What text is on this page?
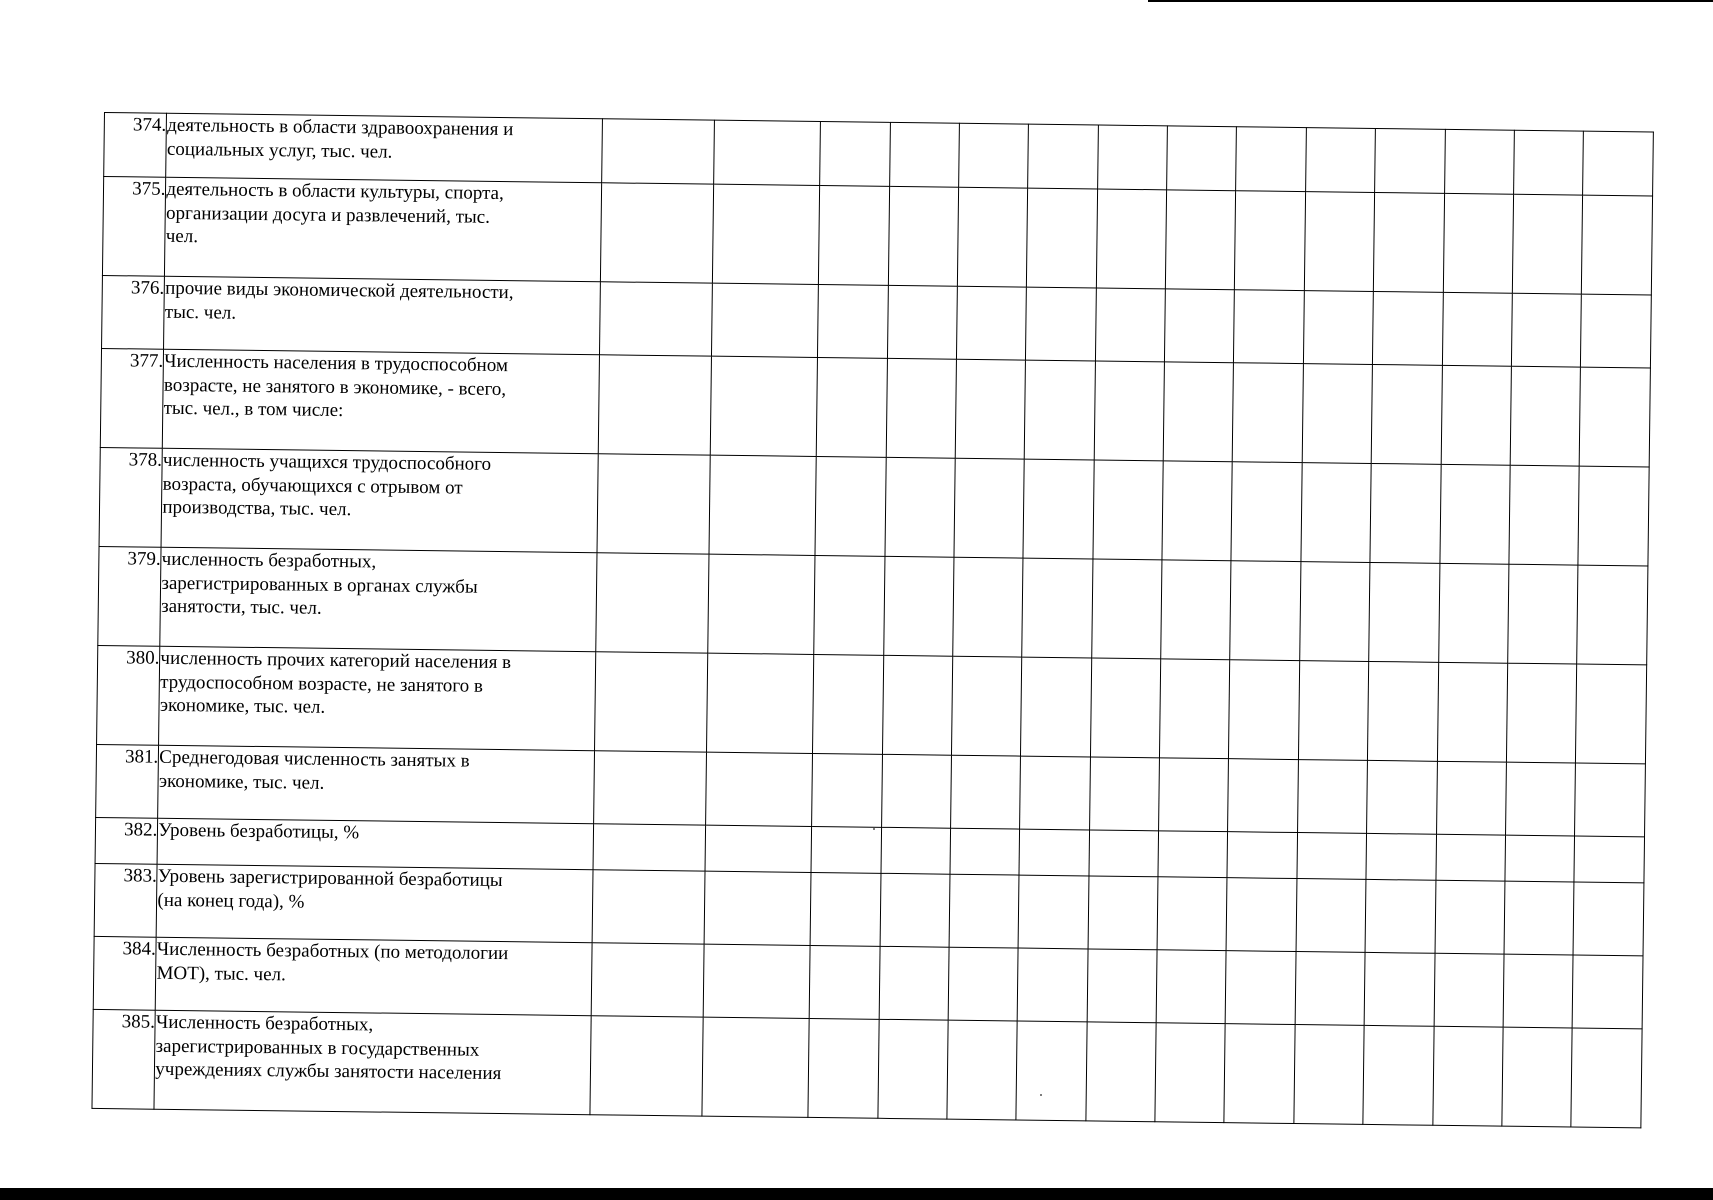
374.	деятельность в области здравоохранения и
социальных услуг, тыс. чел.														
375.	деятельность в области культуры, спорта,
организации досуга и развлечений, тыс.
чел.														
376.	прочие виды экономической деятельности,
тыс. чел.														
377.	Численность населения в трудоспособном
возрасте, не занятого в экономике, - всего,
тыс. чел., в том числе:														
378.	численность учащихся трудоспособного
возраста, обучающихся с отрывом от
производства, тыс. чел.														
379.	численность безработных,
зарегистрированных в органах службы
занятости, тыс. чел.														
380.	численность прочих категорий населения в
трудоспособном возрасте, не занятого в
экономике, тыс. чел.														
381.	Среднегодовая численность занятых в
экономике, тыс. чел.														
382.	Уровень безработицы, %														
383.	Уровень зарегистрированной безработицы
(на конец года), %														
384.	Численность безработных (по методологии
МОТ), тыс. чел.														
385.	Численность безработных,
зарегистрированных в государственных
учреждениях службы занятости населения														
